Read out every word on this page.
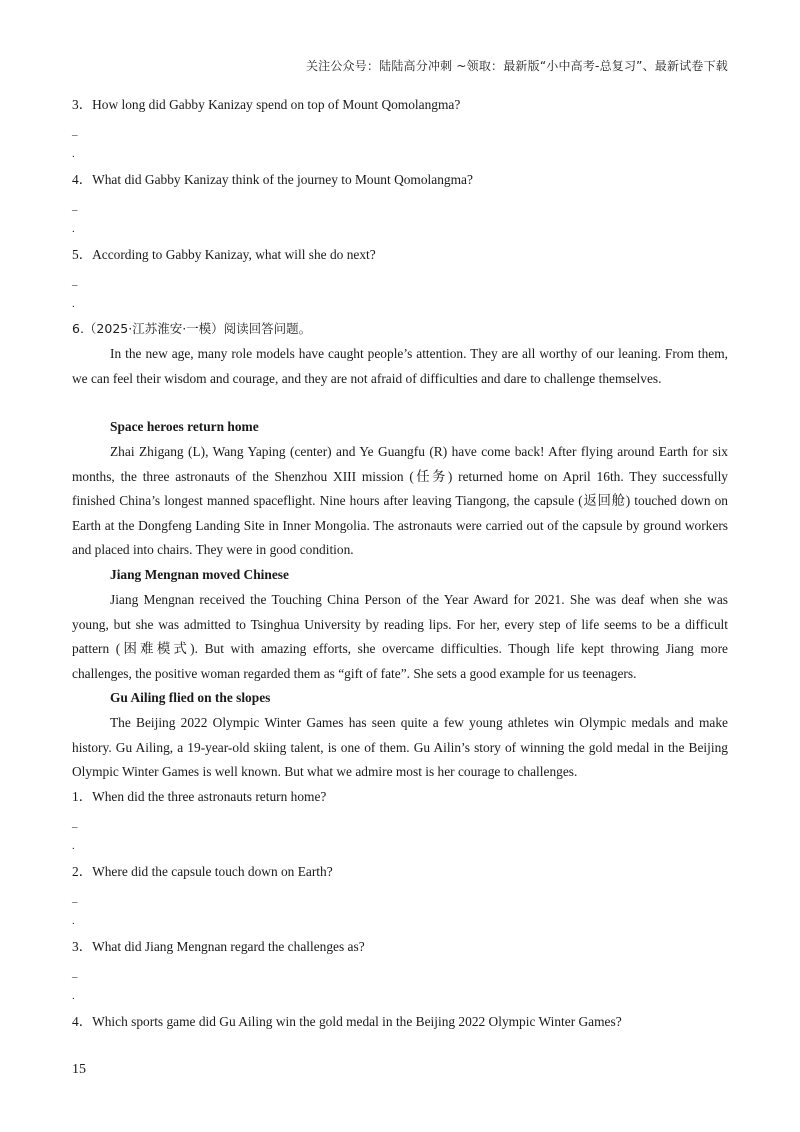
关注公众号：陆陆高分冲刺 ~领取：最新版“小中高考-总复习”、最新试卷下载
3．How long did Gabby Kanizay spend on top of Mount Qomolangma?
_
.
4．What did Gabby Kanizay think of the journey to Mount Qomolangma?
_
.
5．According to Gabby Kanizay, what will she do next?
_
.
6.（2025·江苏淮安·一模）阅读回答问题。
In the new age, many role models have caught people’s attention. They are all worthy of our leaning. From them, we can feel their wisdom and courage, and they are not afraid of difficulties and dare to challenge themselves.
Space heroes return home
Zhai Zhigang (L), Wang Yaping (center) and Ye Guangfu (R) have come back! After flying around Earth for six months, the three astronauts of the Shenzhou XIII mission (任务) returned home on April 16th. They successfully finished China’s longest manned spaceflight. Nine hours after leaving Tiangong, the capsule (返回舱) touched down on Earth at the Dongfeng Landing Site in Inner Mongolia. The astronauts were carried out of the capsule by ground workers and placed into chairs. They were in good condition.
Jiang Mengnan moved Chinese
Jiang Mengnan received the Touching China Person of the Year Award for 2021. She was deaf when she was young, but she was admitted to Tsinghua University by reading lips. For her, every step of life seems to be a difficult pattern (困难模式). But with amazing efforts, she overcame difficulties. Though life kept throwing Jiang more challenges, the positive woman regarded them as “gift of fate”. She sets a good example for us teenagers.
Gu Ailing flied on the slopes
The Beijing 2022 Olympic Winter Games has seen quite a few young athletes win Olympic medals and make history. Gu Ailing, a 19-year-old skiing talent, is one of them. Gu Ailin’s story of winning the gold medal in the Beijing Olympic Winter Games is well known. But what we admire most is her courage to challenges.
1．When did the three astronauts return home?
_
.
2．Where did the capsule touch down on Earth?
_
.
3．What did Jiang Mengnan regard the challenges as?
_
.
4．Which sports game did Gu Ailing win the gold medal in the Beijing 2022 Olympic Winter Games?
15
